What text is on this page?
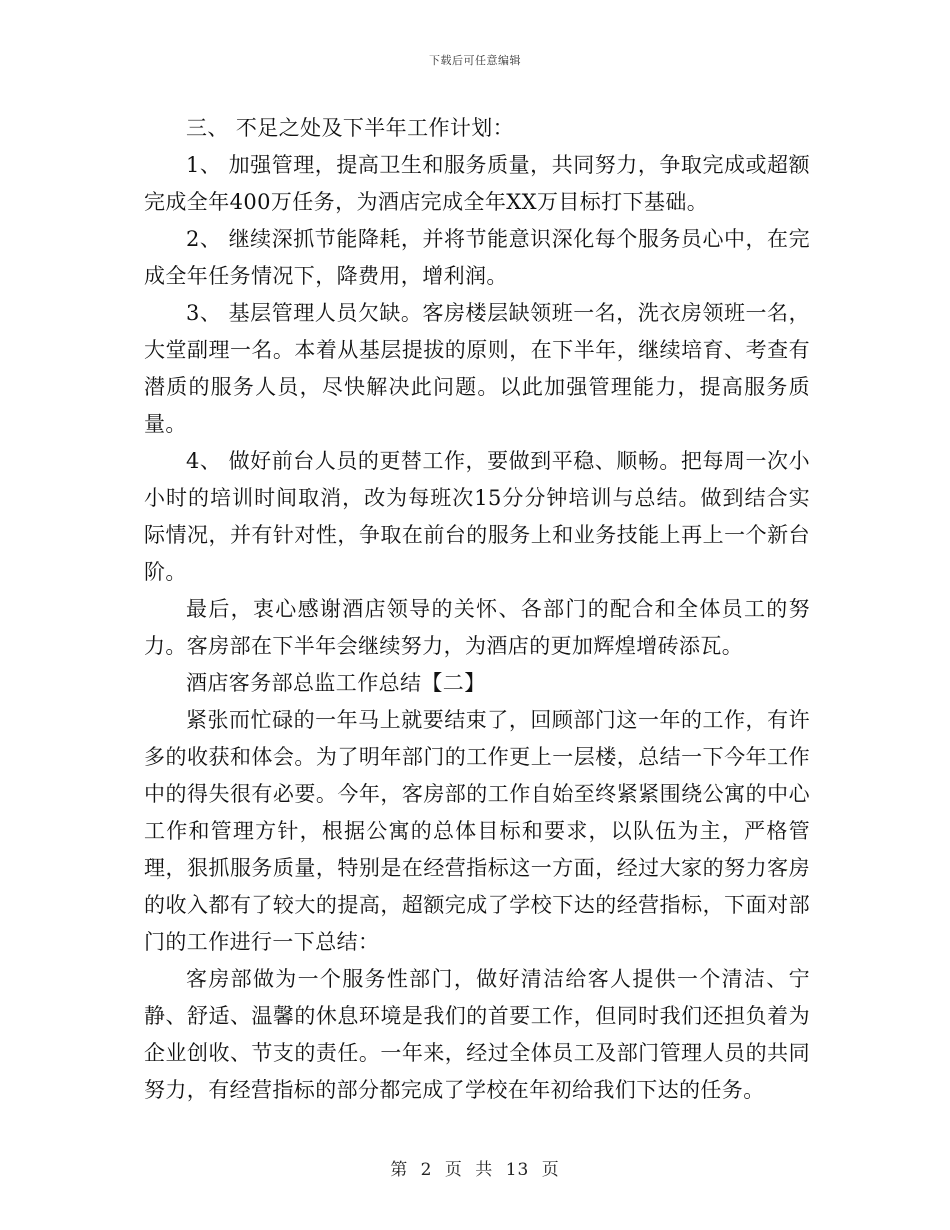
下载后可任意编辑

三、 不足之处及下半年工作计划：

1、 加强管理，提高卫生和服务质量，共同努力，争取完成或超额完成全年400万任务，为酒店完成全年XX万目标打下基础。

2、 继续深抓节能降耗，并将节能意识深化每个服务员心中，在完成全年任务情况下，降费用，增利润。

3、 基层管理人员欠缺。客房楼层缺领班一名，洗衣房领班一名，大堂副理一名。本着从基层提拔的原则，在下半年，继续培育、考查有潜质的服务人员，尽快解决此问题。以此加强管理能力，提高服务质量。

4、 做好前台人员的更替工作，要做到平稳、顺畅。把每周一次小小时的培训时间取消，改为每班次15分分钟培训与总结。做到结合实际情况，并有针对性，争取在前台的服务上和业务技能上再上一个新台阶。

最后，衷心感谢酒店领导的关怀、各部门的配合和全体员工的努力。客房部在下半年会继续努力，为酒店的更加辉煌增砖添瓦。

酒店客务部总监工作总结【二】

紧张而忙碌的一年马上就要结束了，回顾部门这一年的工作，有许多的收获和体会。为了明年部门的工作更上一层楼，总结一下今年工作中的得失很有必要。今年，客房部的工作自始至终紧紧围绕公寓的中心工作和管理方针，根据公寓的总体目标和要求，以队伍为主，严格管理，狠抓服务质量，特别是在经营指标这一方面，经过大家的努力客房的收入都有了较大的提高，超额完成了学校下达的经营指标，下面对部门的工作进行一下总结：

客房部做为一个服务性部门，做好清洁给客人提供一个清洁、宁静、舒适、温馨的休息环境是我们的首要工作，但同时我们还担负着为企业创收、节支的责任。一年来，经过全体员工及部门管理人员的共同努力，有经营指标的部分都完成了学校在年初给我们下达的任务。

第 2 页 共 13 页
